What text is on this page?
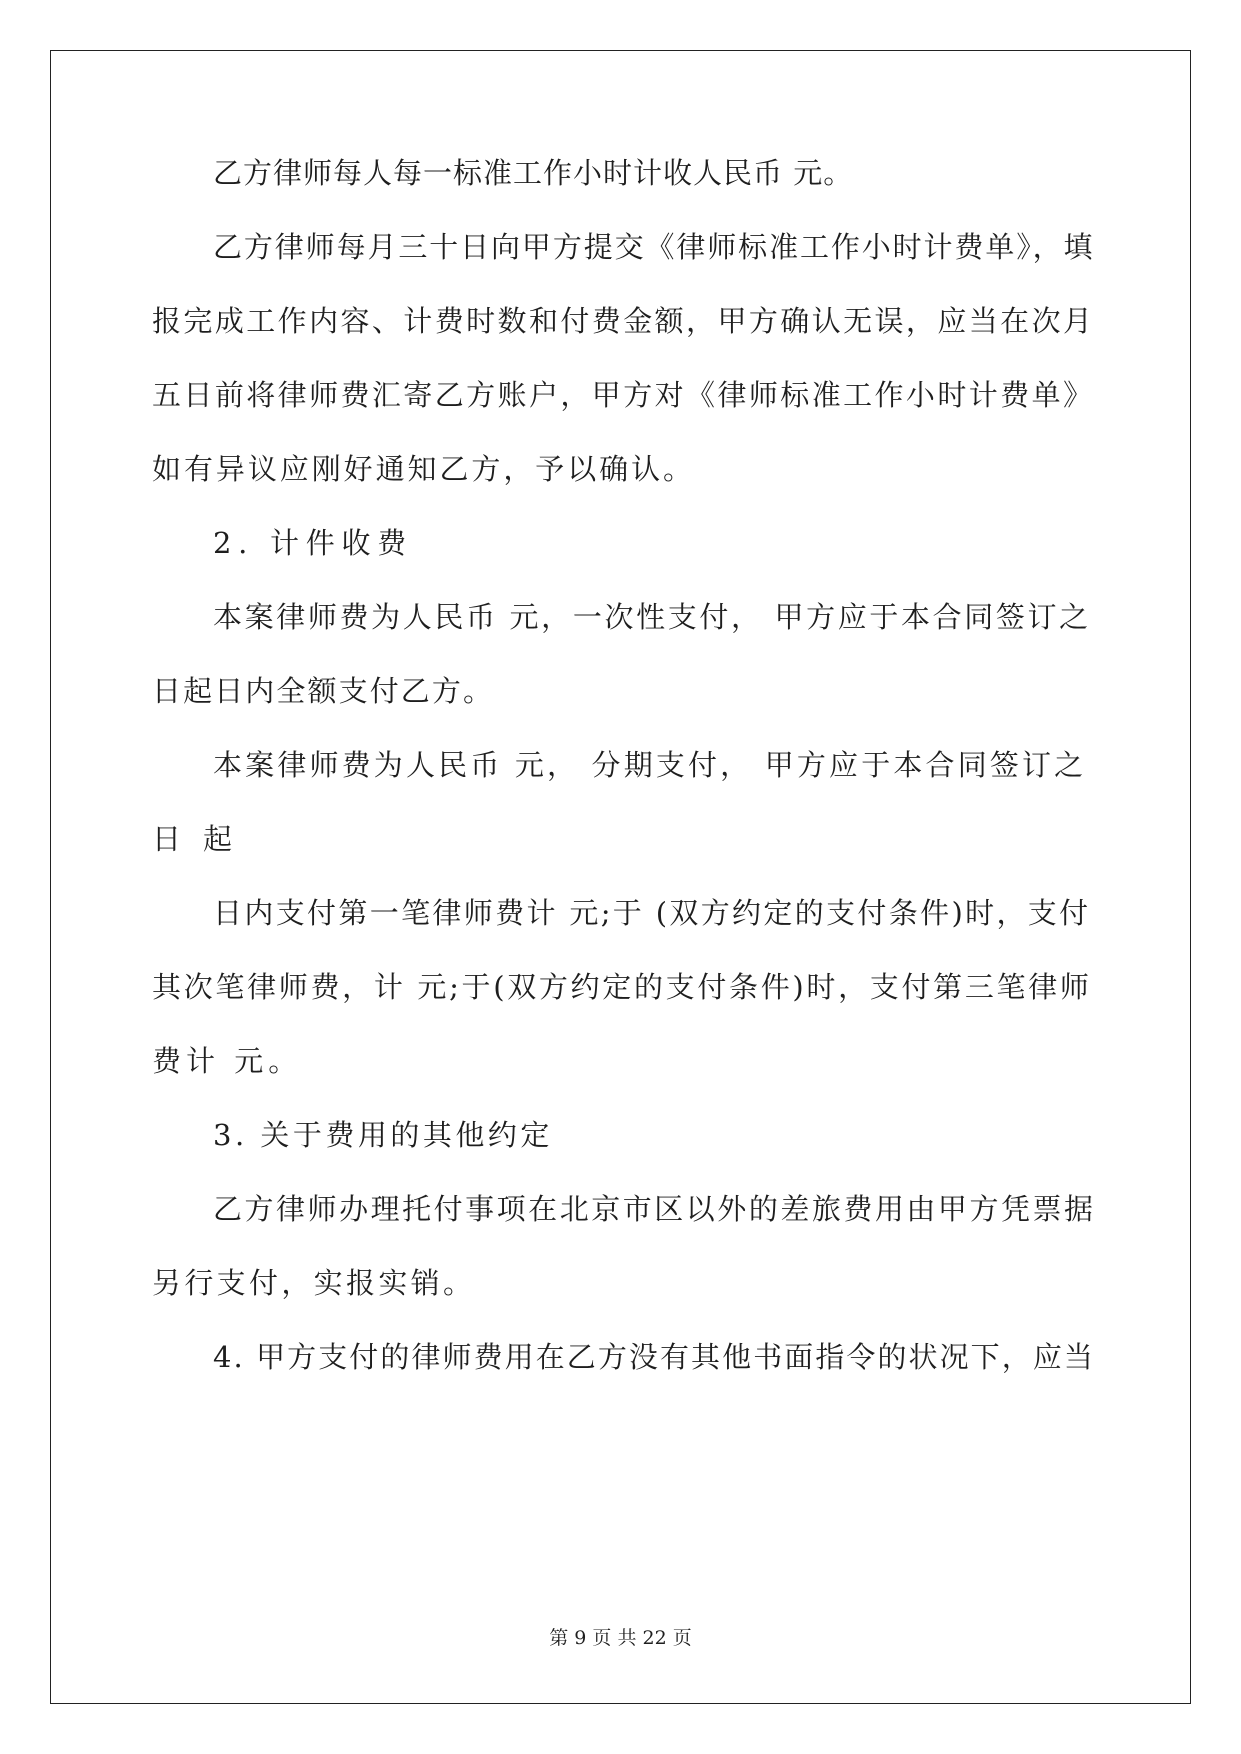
乙方律师每人每一标准工作小时计收人民币 元。

乙方律师每月三十日向甲方提交《律师标准工作小时计费单》，填

报完成工作内容、计费时数和付费金额，甲方确认无误，应当在次月

五日前将律师费汇寄乙方账户，甲方对《律师标准工作小时计费单》

如有异议应刚好通知乙方，予以确认。

2. 计件收费

本案律师费为人民币 元，一次性支付， 甲方应于本合同签订之

日起日内全额支付乙方。

本案律师费为人民币 元， 分期支付， 甲方应于本合同签订之

日起

日内支付第一笔律师费计 元;于 (双方约定的支付条件)时，支付

其次笔律师费，计 元;于(双方约定的支付条件)时，支付第三笔律师

费计 元。

3. 关于费用的其他约定

乙方律师办理托付事项在北京市区以外的差旅费用由甲方凭票据

另行支付，实报实销。

4. 甲方支付的律师费用在乙方没有其他书面指令的状况下，应当

第 9 页 共 22 页
